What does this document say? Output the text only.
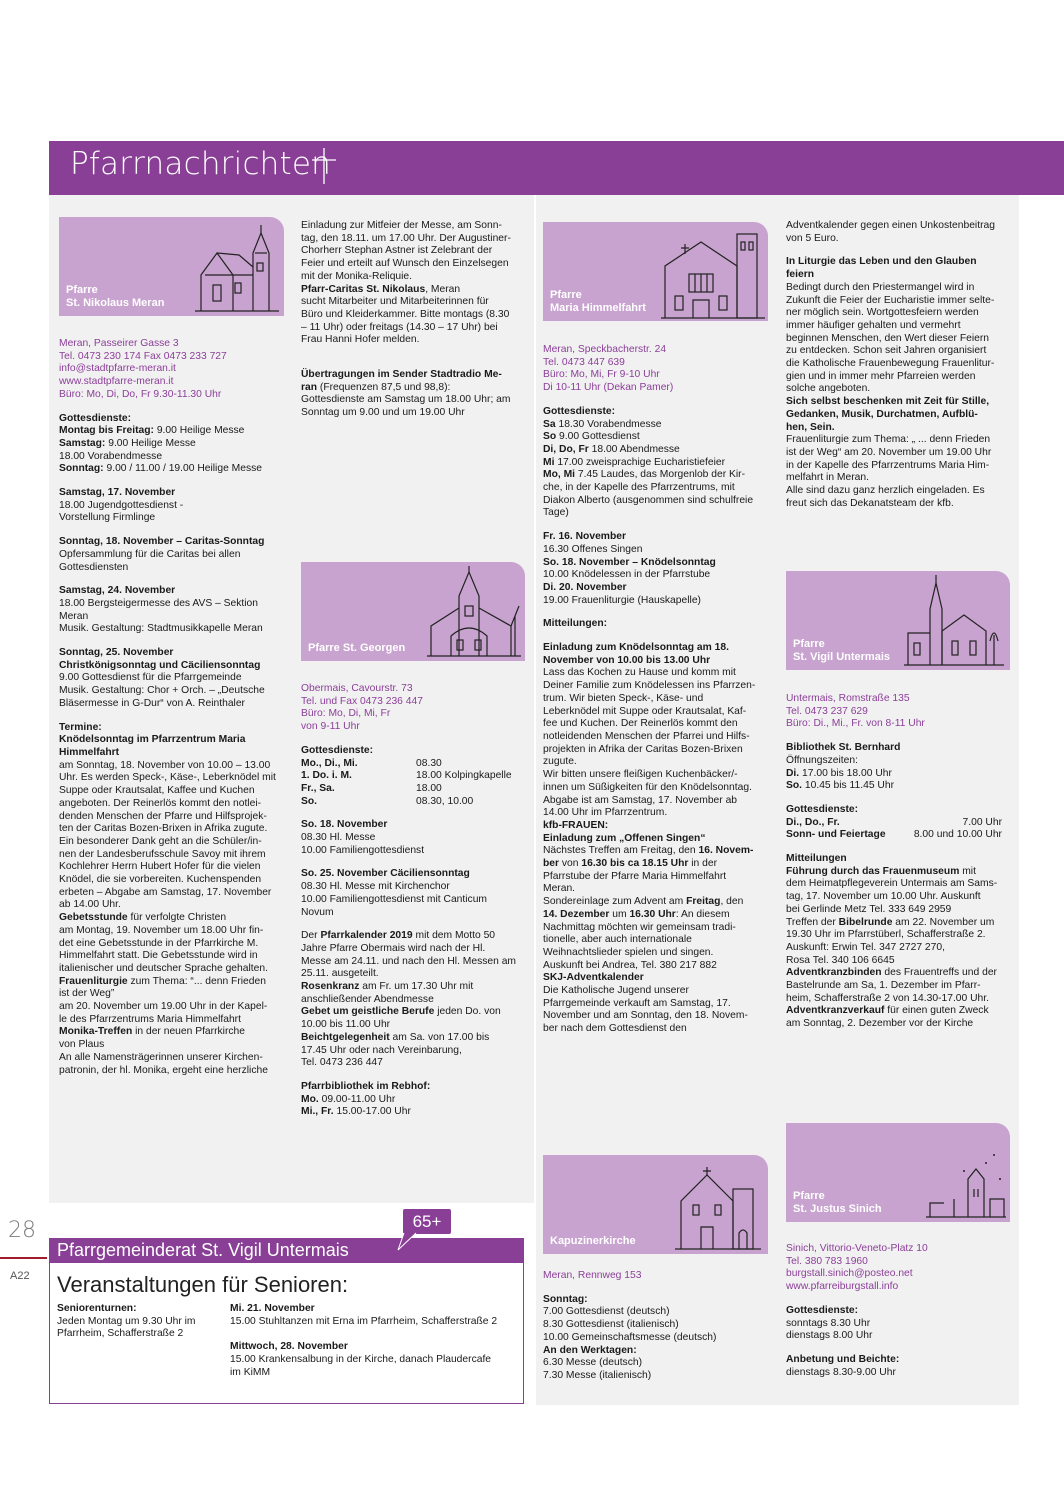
Pfarrnachrichten
28
A22
Pfarre
St. Nikolaus Meran

Meran, Passeirer Gasse 3
Tel. 0473 230 174 Fax 0473 233 727
info@stadtpfarre-meran.it
www.stadtpfarre-meran.it
Büro: Mo, Di, Do, Fr 9.30-11.30 Uhr

Gottesdienste:
Montag bis Freitag: 9.00 Heilige Messe
Samstag: 9.00 Heilige Messe
18.00 Vorabendmesse
Sonntag: 9.00 / 11.00 / 19.00 Heilige Messe

Samstag, 17. November
18.00 Jugendgottesdienst -
Vorstellung Firmlinge

Sonntag, 18. November – Caritas-Sonntag
Opfersammlung für die Caritas bei allen
Gottesdiensten

Samstag, 24. November
18.00 Bergsteigermesse des AVS – Sektion
Meran
Musik. Gestaltung: Stadtmusikkapelle Meran

Sonntag, 25. November
Christkönigsonntag und Cäciliensonntag
9.00 Gottesdienst für die Pfarrgemeinde
Musik. Gestaltung: Chor + Orch. – „Deutsche
Bläsermesse in G-Dur“ von A. Reinthaler

Termine:
Knödelsonntag im Pfarrzentrum Maria
Himmelfahrt
am Sonntag, 18. November von 10.00 – 13.00
Uhr. Es werden Speck-, Käse-, Leberknödel mit
Suppe oder Krautsalat, Kaffee und Kuchen
angeboten. Der Reinerlös kommt den notlei-
denden Menschen der Pfarre und Hilfsprojek-
ten der Caritas Bozen-Brixen in Afrika zugute.
Ein besonderer Dank geht an die Schüler/in-
nen der Landesberufsschule Savoy mit ihrem
Kochlehrer Herrn Hubert Hofer für die vielen
Knödel, die sie vorbereiten. Kuchenspenden
erbeten – Abgabe am Samstag, 17. November
ab 14.00 Uhr.
Gebetsstunde für verfolgte Christen
am Montag, 19. November um 18.00 Uhr fin-
det eine Gebetsstunde in der Pfarrkirche M.
Himmelfahrt statt. Die Gebetsstunde wird in
italienischer und deutscher Sprache gehalten.
Frauenliturgie zum Thema: “... denn Frieden
ist der Weg”
am 20. November um 19.00 Uhr in der Kapel-
le des Pfarrzentrums Maria Himmelfahrt
Monika-Treffen in der neuen Pfarrkirche
von Plaus
An alle Namensträgerinnen unserer Kirchen-
patronin, der hl. Monika, ergeht eine herzliche

Einladung zur Mitfeier der Messe, am Sonn-
tag, den 18.11. um 17.00 Uhr. Der Augustiner-
Chorherr Stephan Astner ist Zelebrant der
Feier und erteilt auf Wunsch den Einzelsegen
mit der Monika-Reliquie.

Pfarr-Caritas St. Nikolaus, Meran
sucht Mitarbeiter und Mitarbeiterinnen für
Büro und Kleiderkammer. Bitte montags (8.30
– 11 Uhr) oder freitags (14.30 – 17 Uhr) bei
Frau Hanni Hofer melden.

Übertragungen im Sender Stadtradio Me-
ran (Frequenzen 87,5 und 98,8):
Gottesdienste am Samstag um 18.00 Uhr; am
Sonntag um 9.00 und um 19.00 Uhr

Pfarre St. Georgen

Obermais, Cavourstr. 73
Tel. und Fax 0473 236 447
Büro: Mo, Di, Mi, Fr
von 9-11 Uhr

Gottesdienste:

Mo., Di., Mi.	08.30
1. Do. i. M.	18.00 Kolpingkapelle
Fr., Sa.	18.00
So.	08.30, 10.00

So. 18. November
08.30 Hl. Messe
10.00 Familiengottesdienst

So. 25. November Cäciliensonntag
08.30 Hl. Messe mit Kirchenchor
10.00 Familiengottesdienst mit Canticum
Novum

Der Pfarrkalender 2019 mit dem Motto 50
Jahre Pfarre Obermais wird nach der Hl.
Messe am 24.11. und nach den Hl. Messen am
25.11. ausgeteilt.
Rosenkranz am Fr. um 17.30 Uhr mit
anschließender Abendmesse
Gebet um geistliche Berufe jeden Do. von
10.00 bis 11.00 Uhr
Beichtgelegenheit am Sa. von 17.00 bis
17.45 Uhr oder nach Vereinbarung,
Tel. 0473 236 447

Pfarrbibliothek im Rebhof:
Mo. 09.00-11.00 Uhr
Mi., Fr. 15.00-17.00 Uhr

Pfarre
Maria Himmelfahrt

Meran, Speckbacherstr. 24
Tel. 0473 447 639
Büro: Mo, Mi, Fr 9-10 Uhr
Di 10-11 Uhr (Dekan Pamer)

Gottesdienste:
Sa 18.30 Vorabendmesse
So 9.00 Gottesdienst
Di, Do, Fr 18.00 Abendmesse
Mi 17.00 zweisprachige Eucharistiefeier
Mo, Mi 7.45 Laudes, das Morgenlob der Kir-
che, in der Kapelle des Pfarrzentrums, mit
Diakon Alberto (ausgenommen sind schulfreie
Tage)

Fr. 16. November
16.30 Offenes Singen
So. 18. November – Knödelsonntag
10.00 Knödelessen in der Pfarrstube
Di. 20. November
19.00 Frauenliturgie (Hauskapelle)

Mitteilungen:

Einladung zum Knödelsonntag am 18.
November von 10.00 bis 13.00 Uhr
Lass das Kochen zu Hause und komm mit
Deiner Familie zum Knödelessen ins Pfarrzen-
trum. Wir bieten Speck-, Käse- und
Leberknödel mit Suppe oder Krautsalat, Kaf-
fee und Kuchen. Der Reinerlös kommt den
notleidenden Menschen der Pfarrei und Hilfs-
projekten in Afrika der Caritas Bozen-Brixen
zugute.
Wir bitten unsere fleißigen Kuchenbäcker/-
innen um Süßigkeiten für den Knödelsonntag.
Abgabe ist am Samstag, 17. November ab
14.00 Uhr im Pfarrzentrum.
kfb-FRAUEN:
Einladung zum „Offenen Singen“
Nächstes Treffen am Freitag, den 16. Novem-
ber von 16.30 bis ca 18.15 Uhr in der
Pfarrstube der Pfarre Maria Himmelfahrt
Meran.
Sondereinlage zum Advent am Freitag, den
14. Dezember um 16.30 Uhr: An diesem
Nachmittag möchten wir gemeinsam tradi-
tionelle, aber auch internationale
Weihnachtslieder spielen und singen.
Auskunft bei Andrea, Tel. 380 217 882
SKJ-Adventkalender
Die Katholische Jugend unserer
Pfarrgemeinde verkauft am Samstag, 17.
November und am Sonntag, den 18. Novem-
ber nach dem Gottesdienst den

Kapuzinerkirche

Meran, Rennweg 153

Sonntag:
7.00 Gottesdienst (deutsch)
8.30 Gottesdienst (italienisch)
10.00 Gemeinschaftsmesse (deutsch)
An den Werktagen:
6.30 Messe (deutsch)
7.30 Messe (italienisch)

Adventkalender gegen einen Unkostenbeitrag
von 5 Euro.

In Liturgie das Leben und den Glauben
feiern
Bedingt durch den Priestermangel wird in
Zukunft die Feier der Eucharistie immer selte-
ner möglich sein. Wortgottesfeiern werden
immer häufiger gehalten und vermehrt
beginnen Menschen, den Wert dieser Feiern
zu entdecken. Schon seit Jahren organisiert
die Katholische Frauenbewegung Frauenlitur-
gien und in immer mehr Pfarreien werden
solche angeboten.
Sich selbst beschenken mit Zeit für Stille,
Gedanken, Musik, Durchatmen, Aufblü-
hen, Sein.
Frauenliturgie zum Thema: „ ... denn Frieden
ist der Weg“ am 20. November um 19.00 Uhr
in der Kapelle des Pfarrzentrums Maria Him-
melfahrt in Meran.
Alle sind dazu ganz herzlich eingeladen. Es
freut sich das Dekanatsteam der kfb.

Pfarre
St. Vigil Untermais

Untermais, Romstraße 135
Tel. 0473 237 629
Büro: Di., Mi., Fr. von 8-11 Uhr

Bibliothek St. Bernhard
Öffnungszeiten:
Di. 17.00 bis 18.00 Uhr
So. 10.45 bis 11.45 Uhr

Gottesdienste:
Di., Do., Fr.	7.00 Uhr
Sonn- und Feiertage	8.00 und 10.00 Uhr

Mitteilungen
Führung durch das Frauenmuseum mit
dem Heimatpflegeverein Untermais am Sams-
tag, 17. November um 10.00 Uhr. Auskunft
bei Gerlinde Metz Tel. 333 649 2959
Treffen der Bibelrunde am 22. November um
19.30 Uhr im Pfarrstüberl, Schafferstraße 2.
Auskunft: Erwin Tel. 347 2727 270,
Rosa Tel. 340 106 6645
Adventkranzbinden des Frauentreffs und der
Bastelrunde am Sa, 1. Dezember im Pfarr-
heim, Schafferstraße 2 von 14.30-17.00 Uhr.
Adventkranzverkauf für einen guten Zweck
am Sonntag, 2. Dezember vor der Kirche

Pfarre
St. Justus Sinich

Sinich, Vittorio-Veneto-Platz 10
Tel. 380 783 1960
burgstall.sinich@posteo.net
www.pfarreiburgstall.info

Gottesdienste:
sonntags 8.30 Uhr
dienstags 8.00 Uhr

Anbetung und Beichte:
dienstags 8.30-9.00 Uhr

Pfarrgemeinderat St. Vigil Untermais
65+
Veranstaltungen für Senioren:
Seniorenturnen:
Jeden Montag um 9.30 Uhr im
Pfarrheim, Schafferstraße 2
Mi. 21. November
15.00 Stuhltanzen mit Erna im Pfarrheim, Schafferstraße 2

Mittwoch, 28. November
15.00 Krankensalbung in der Kirche, danach Plaudercafe
im KiMM
